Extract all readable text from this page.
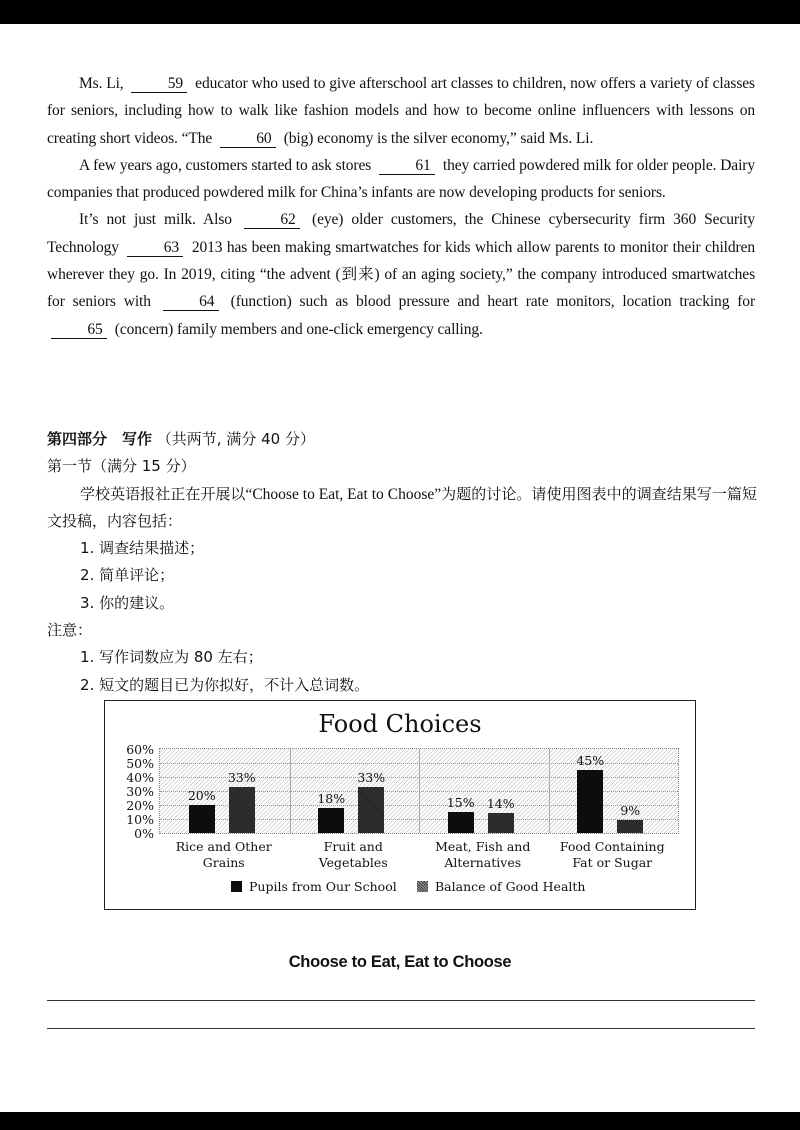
Ms. Li,	59 educator who used to give afterschool art classes to children, now offers a variety of classes for seniors, including how to walk like fashion models and how to become online influencers with lessons on creating short videos. “The	60 (big) economy is the silver economy,” said Ms. Li.

A few years ago, customers started to ask stores	61 they carried powdered milk for older people. Dairy companies that produced powdered milk for China’s infants are now developing products for seniors.

It’s not just milk. Also	62 (eye) older customers, the Chinese cybersecurity firm 360 Security Technology	63 2013 has been making smartwatches for kids which allow parents to monitor their children wherever they go. In 2019, citing “the advent (到来) of an aging society,” the company introduced smartwatches for seniors with	64 (function) such as blood pressure and heart rate monitors, location tracking for 65 (concern) family members and one-click emergency calling.

第四部分　写作 （共两节, 满分 40 分）
第一节（满分 15 分）
学校英语报社正在开展以“Choose to Eat, Eat to Choose”为题的讨论。请使用图表中的调查结果写一篇短文投稿，内容包括：
1. 调查结果描述；
2. 简单评论；
3. 你的建议。
注意：
1. 写作词数应为 80 左右；
2. 短文的题目已为你拟好，不计入总词数。
Food Choices
60%
50%
40%
30%
20%
10%
0%
20%
33%
18%
33%
15% 14%
45%
9%
Rice and Other
Grains
Fruit and
Vegetables
Meat, Fish and
Alternatives
Food Containing
Fat or Sugar
Pupils from Our School	Balance of Good Health
Choose to Eat, Eat to Choose
